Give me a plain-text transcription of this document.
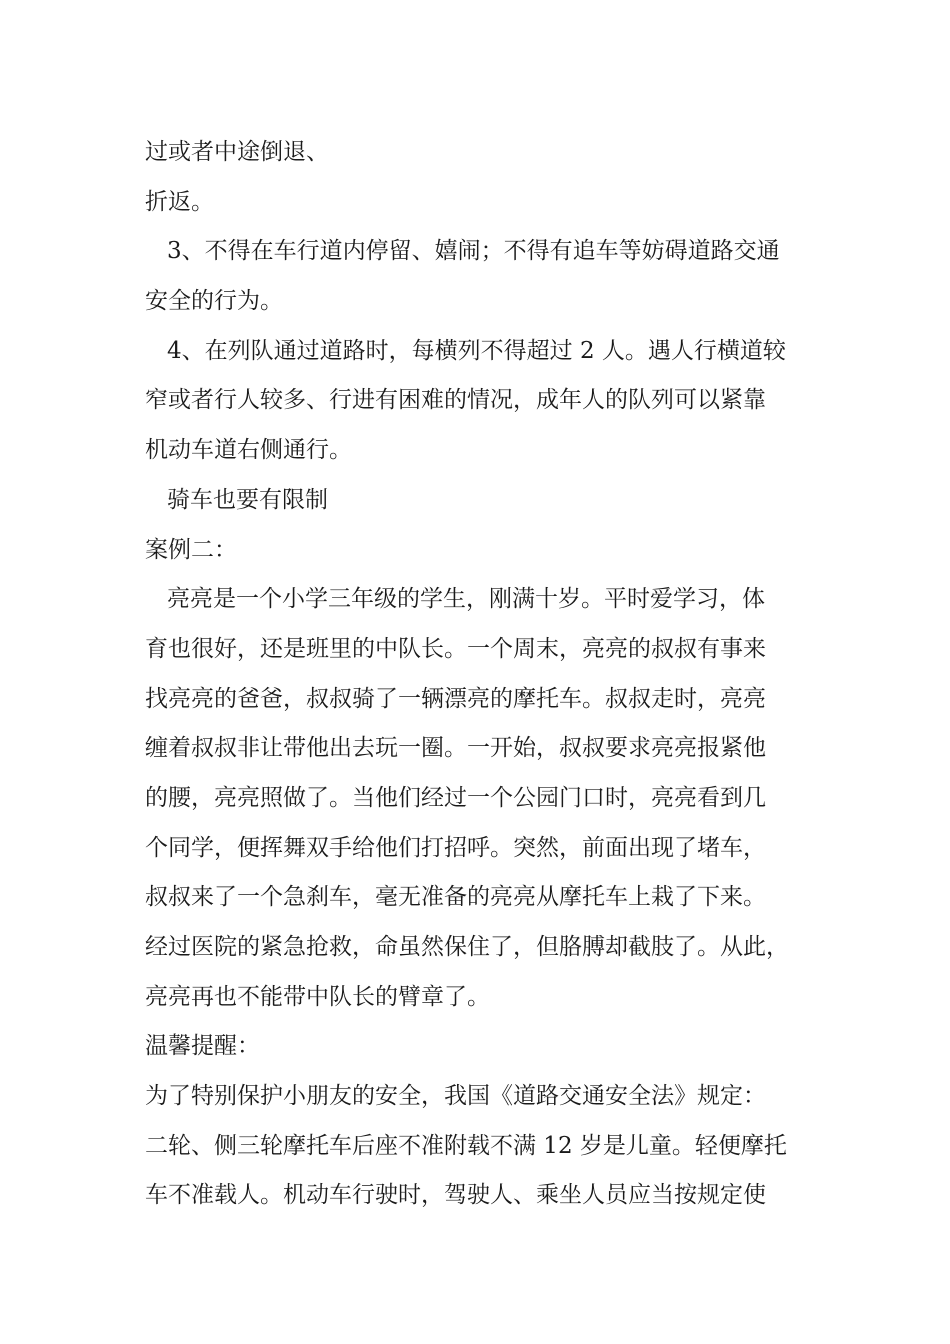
过或者中途倒退、
折返。
3、不得在车行道内停留、嬉闹；不得有追车等妨碍道路交通
安全的行为。
4、在列队通过道路时，每横列不得超过 2 人。遇人行横道较
窄或者行人较多、行进有困难的情况，成年人的队列可以紧靠
机动车道右侧通行。
骑车也要有限制
案例二：
亮亮是一个小学三年级的学生，刚满十岁。平时爱学习，体
育也很好，还是班里的中队长。一个周末，亮亮的叔叔有事来
找亮亮的爸爸，叔叔骑了一辆漂亮的摩托车。叔叔走时，亮亮
缠着叔叔非让带他出去玩一圈。一开始，叔叔要求亮亮报紧他
的腰，亮亮照做了。当他们经过一个公园门口时，亮亮看到几
个同学，便挥舞双手给他们打招呼。突然，前面出现了堵车，
叔叔来了一个急刹车，毫无准备的亮亮从摩托车上栽了下来。
经过医院的紧急抢救，命虽然保住了，但胳膊却截肢了。从此，
亮亮再也不能带中队长的臂章了。
温馨提醒：
为了特别保护小朋友的安全，我国《道路交通安全法》规定：
二轮、侧三轮摩托车后座不准附载不满 12 岁是儿童。轻便摩托
车不准载人。机动车行驶时，驾驶人、乘坐人员应当按规定使
